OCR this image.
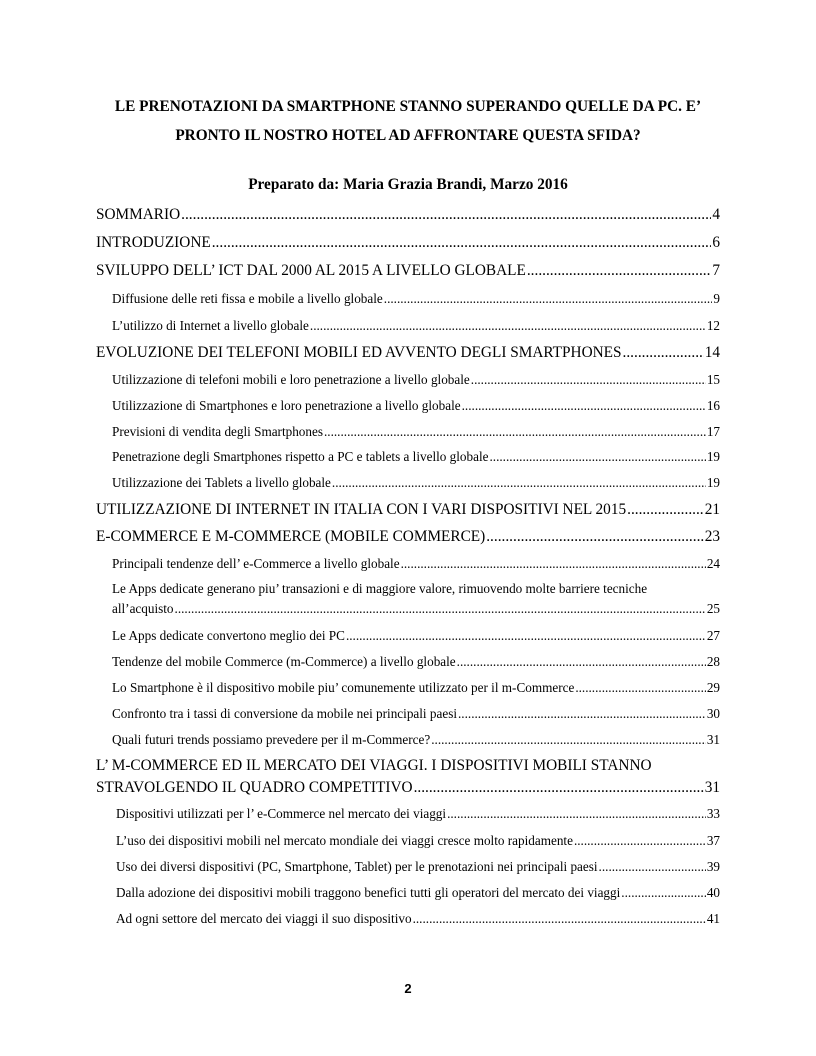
LE PRENOTAZIONI DA SMARTPHONE STANNO SUPERANDO QUELLE DA PC. E’
PRONTO IL NOSTRO HOTEL AD AFFRONTARE QUESTA SFIDA?
Preparato da: Maria Grazia Brandi, Marzo 2016
SOMMARIO .....	4
INTRODUZIONE .....	6
SVILUPPO DELL’ ICT DAL 2000 AL 2015 A LIVELLO GLOBALE .....	7
Diffusione delle reti fissa e mobile a livello globale .....	9
L’utilizzo di Internet a livello globale .....	12
EVOLUZIONE DEI TELEFONI MOBILI ED AVVENTO DEGLI SMARTPHONES .....	14
Utilizzazione di telefoni mobili e loro penetrazione a livello globale .....	15
Utilizzazione di Smartphones e loro penetrazione a livello globale .....	16
Previsioni di vendita degli Smartphones .....	17
Penetrazione degli Smartphones rispetto a PC e tablets a livello globale .....	19
Utilizzazione dei Tablets a livello globale .....	19
UTILIZZAZIONE DI INTERNET IN ITALIA CON I VARI DISPOSITIVI NEL 2015 .....	21
E-COMMERCE E M-COMMERCE (MOBILE COMMERCE) .....	23
Principali tendenze dell’ e-Commerce a livello globale .....	24
Le Apps dedicate generano piu’ transazioni e di maggiore valore, rimuovendo molte barriere tecniche
all’acquisto .....	25
Le Apps dedicate convertono meglio dei PC .....	27
Tendenze del mobile Commerce (m-Commerce) a livello globale .....	28
Lo Smartphone è il dispositivo mobile piu’ comunemente utilizzato per il m-Commerce .....	29
Confronto tra i tassi di conversione da mobile nei principali paesi .....	30
Quali futuri trends possiamo prevedere per il m-Commerce? .....	31
L’ M-COMMERCE ED IL MERCATO DEI VIAGGI. I DISPOSITIVI MOBILI STANNO
STRAVOLGENDO IL QUADRO COMPETITIVO .....	31
Dispositivi utilizzati per l’ e-Commerce nel mercato dei viaggi .....	33
L’uso dei dispositivi mobili nel mercato mondiale dei viaggi cresce molto rapidamente .....	37
Uso dei diversi dispositivi (PC, Smartphone, Tablet) per le prenotazioni nei principali paesi .....	39
Dalla adozione dei dispositivi mobili traggono benefici tutti gli operatori del mercato dei viaggi .....	40
Ad ogni settore del mercato dei viaggi il suo dispositivo .....	41
2
